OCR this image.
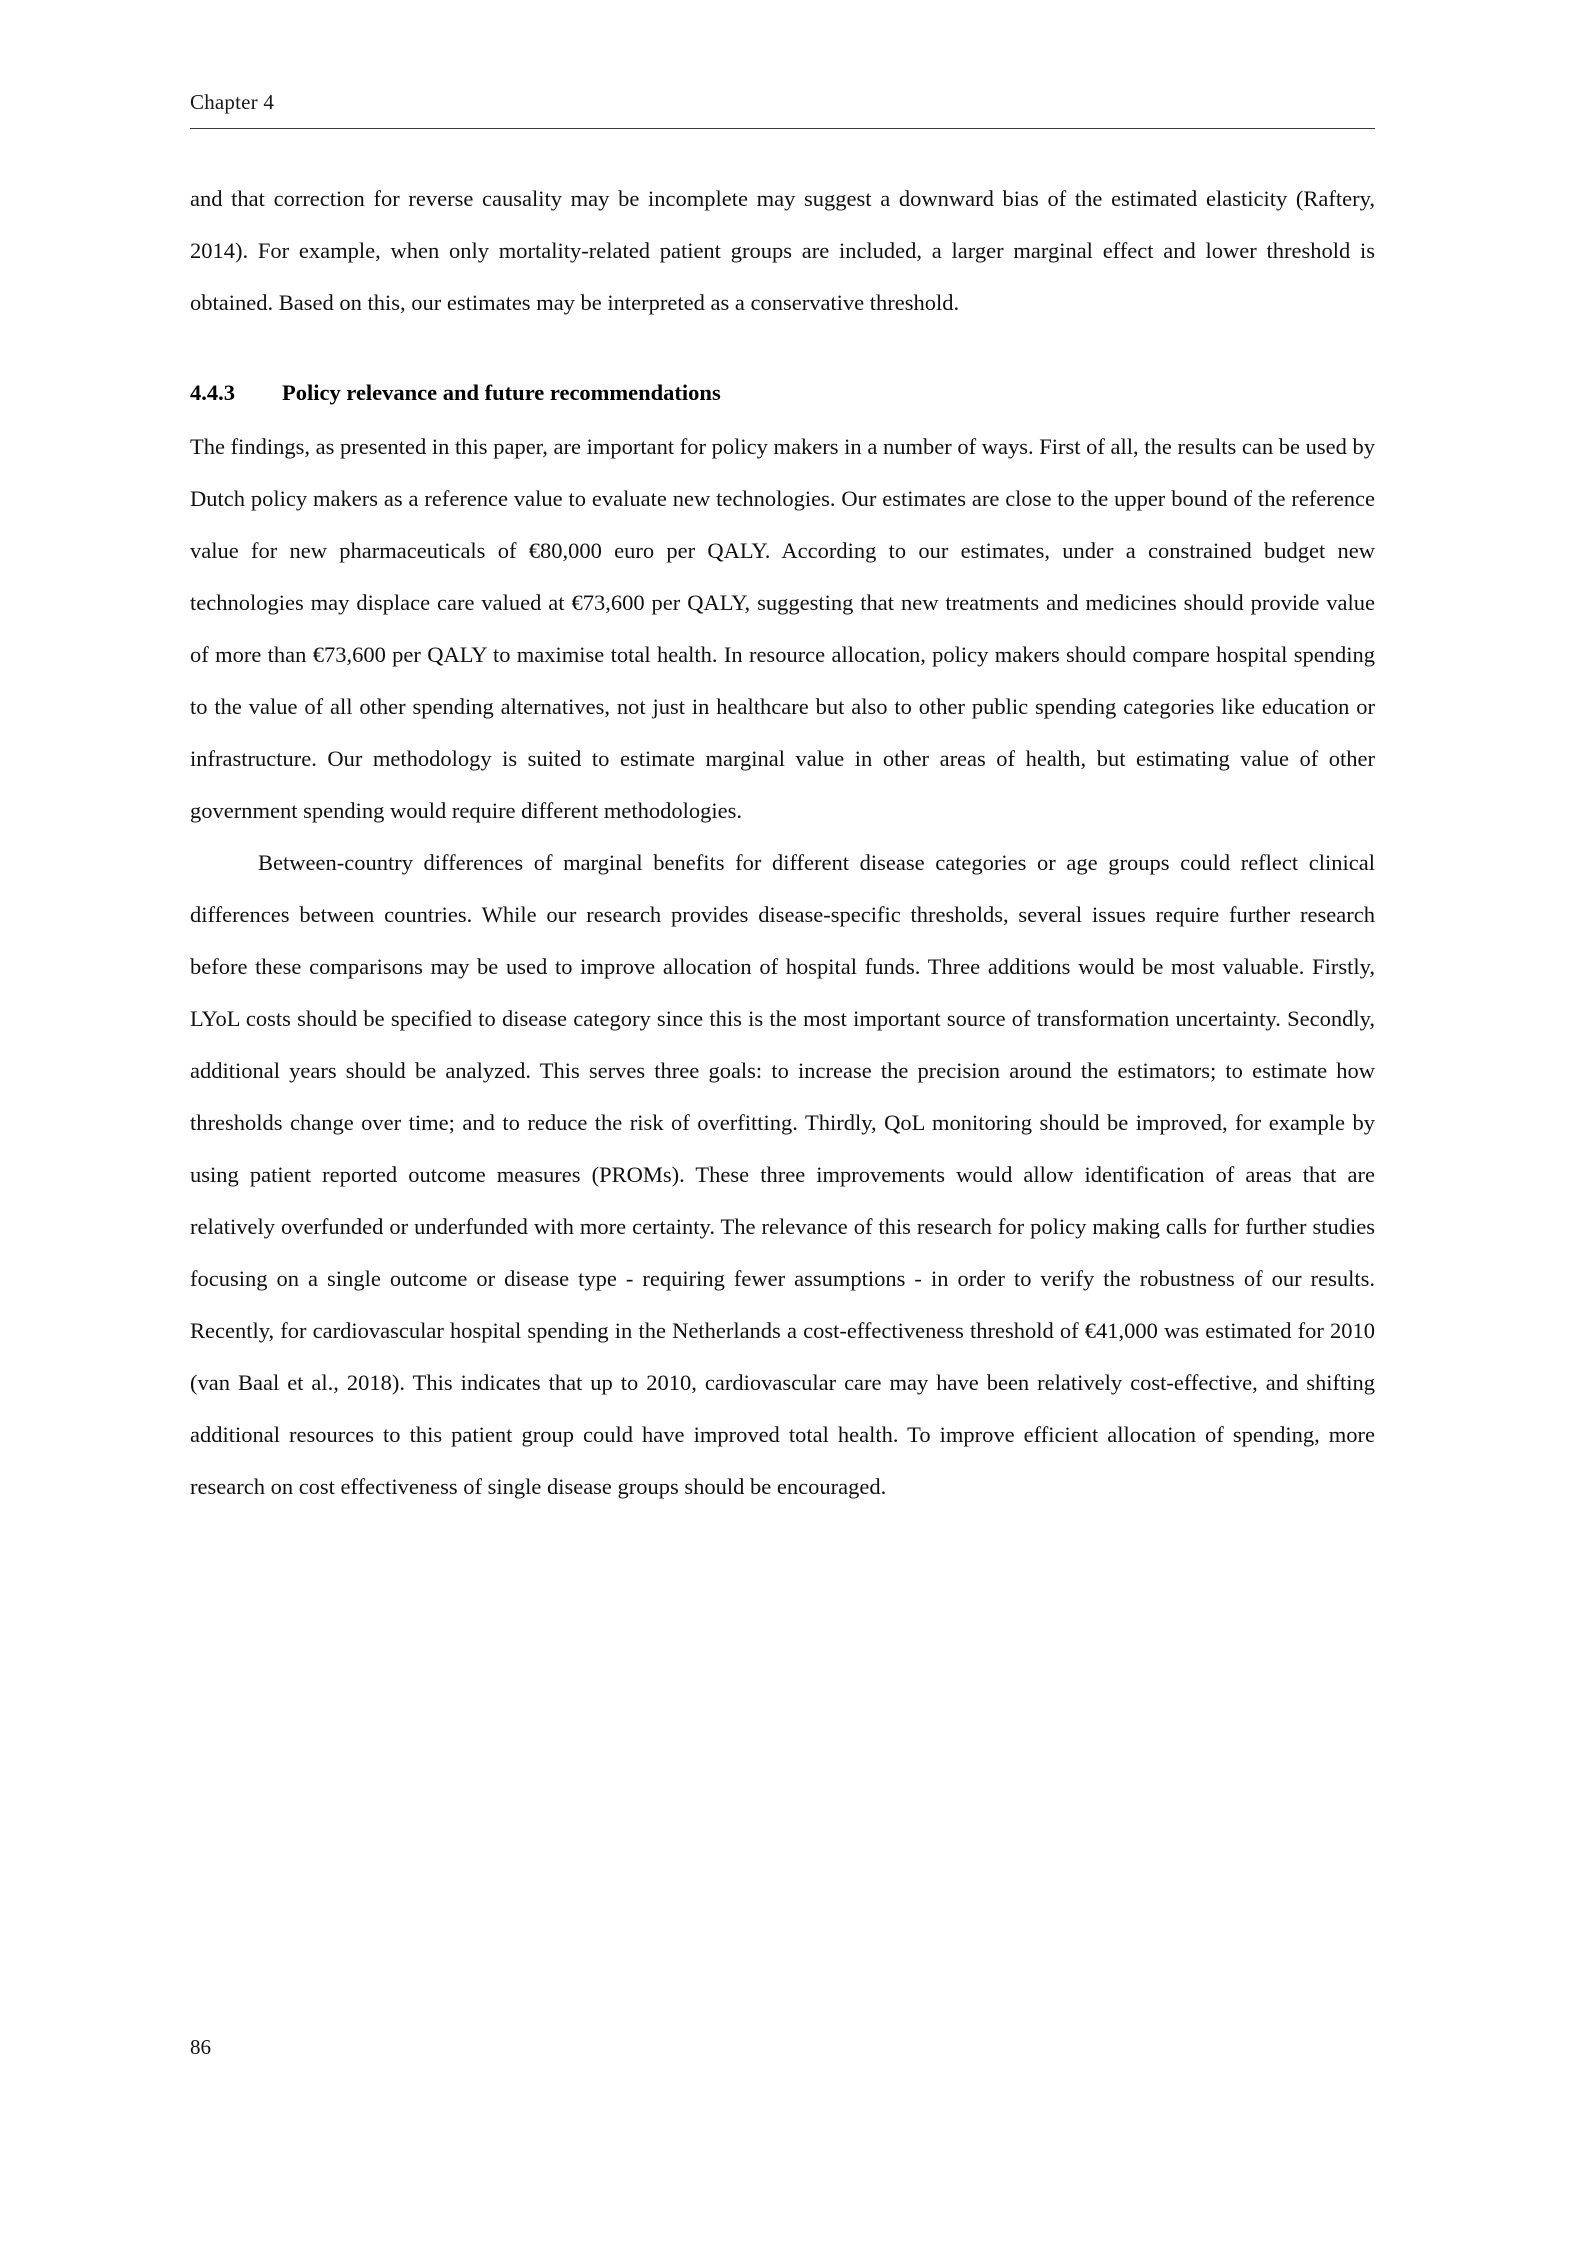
Chapter 4

and that correction for reverse causality may be incomplete may suggest a downward bias of the estimated elasticity (Raftery, 2014). For example, when only mortality-related patient groups are included, a larger marginal effect and lower threshold is obtained. Based on this, our estimates may be interpreted as a conservative threshold.

4.4.3 Policy relevance and future recommendations

The findings, as presented in this paper, are important for policy makers in a number of ways. First of all, the results can be used by Dutch policy makers as a reference value to evaluate new technologies. Our estimates are close to the upper bound of the reference value for new pharmaceuticals of €80,000 euro per QALY. According to our estimates, under a constrained budget new technologies may displace care valued at €73,600 per QALY, suggesting that new treatments and medicines should provide value of more than €73,600 per QALY to maximise total health. In resource allocation, policy makers should compare hospital spending to the value of all other spending alternatives, not just in healthcare but also to other public spending categories like education or infrastructure. Our methodology is suited to estimate marginal value in other areas of health, but estimating value of other government spending would require different methodologies.

Between-country differences of marginal benefits for different disease categories or age groups could reflect clinical differences between countries. While our research provides disease-specific thresholds, several issues require further research before these comparisons may be used to improve allocation of hospital funds. Three additions would be most valuable. Firstly, LYoL costs should be specified to disease category since this is the most important source of transformation uncertainty. Secondly, additional years should be analyzed. This serves three goals: to increase the precision around the estimators; to estimate how thresholds change over time; and to reduce the risk of overfitting. Thirdly, QoL monitoring should be improved, for example by using patient reported outcome measures (PROMs). These three improvements would allow identification of areas that are relatively overfunded or underfunded with more certainty. The relevance of this research for policy making calls for further studies focusing on a single outcome or disease type - requiring fewer assumptions - in order to verify the robustness of our results. Recently, for cardiovascular hospital spending in the Netherlands a cost-effectiveness threshold of €41,000 was estimated for 2010 (van Baal et al., 2018). This indicates that up to 2010, cardiovascular care may have been relatively cost-effective, and shifting additional resources to this patient group could have improved total health. To improve efficient allocation of spending, more research on cost effectiveness of single disease groups should be encouraged.

86
